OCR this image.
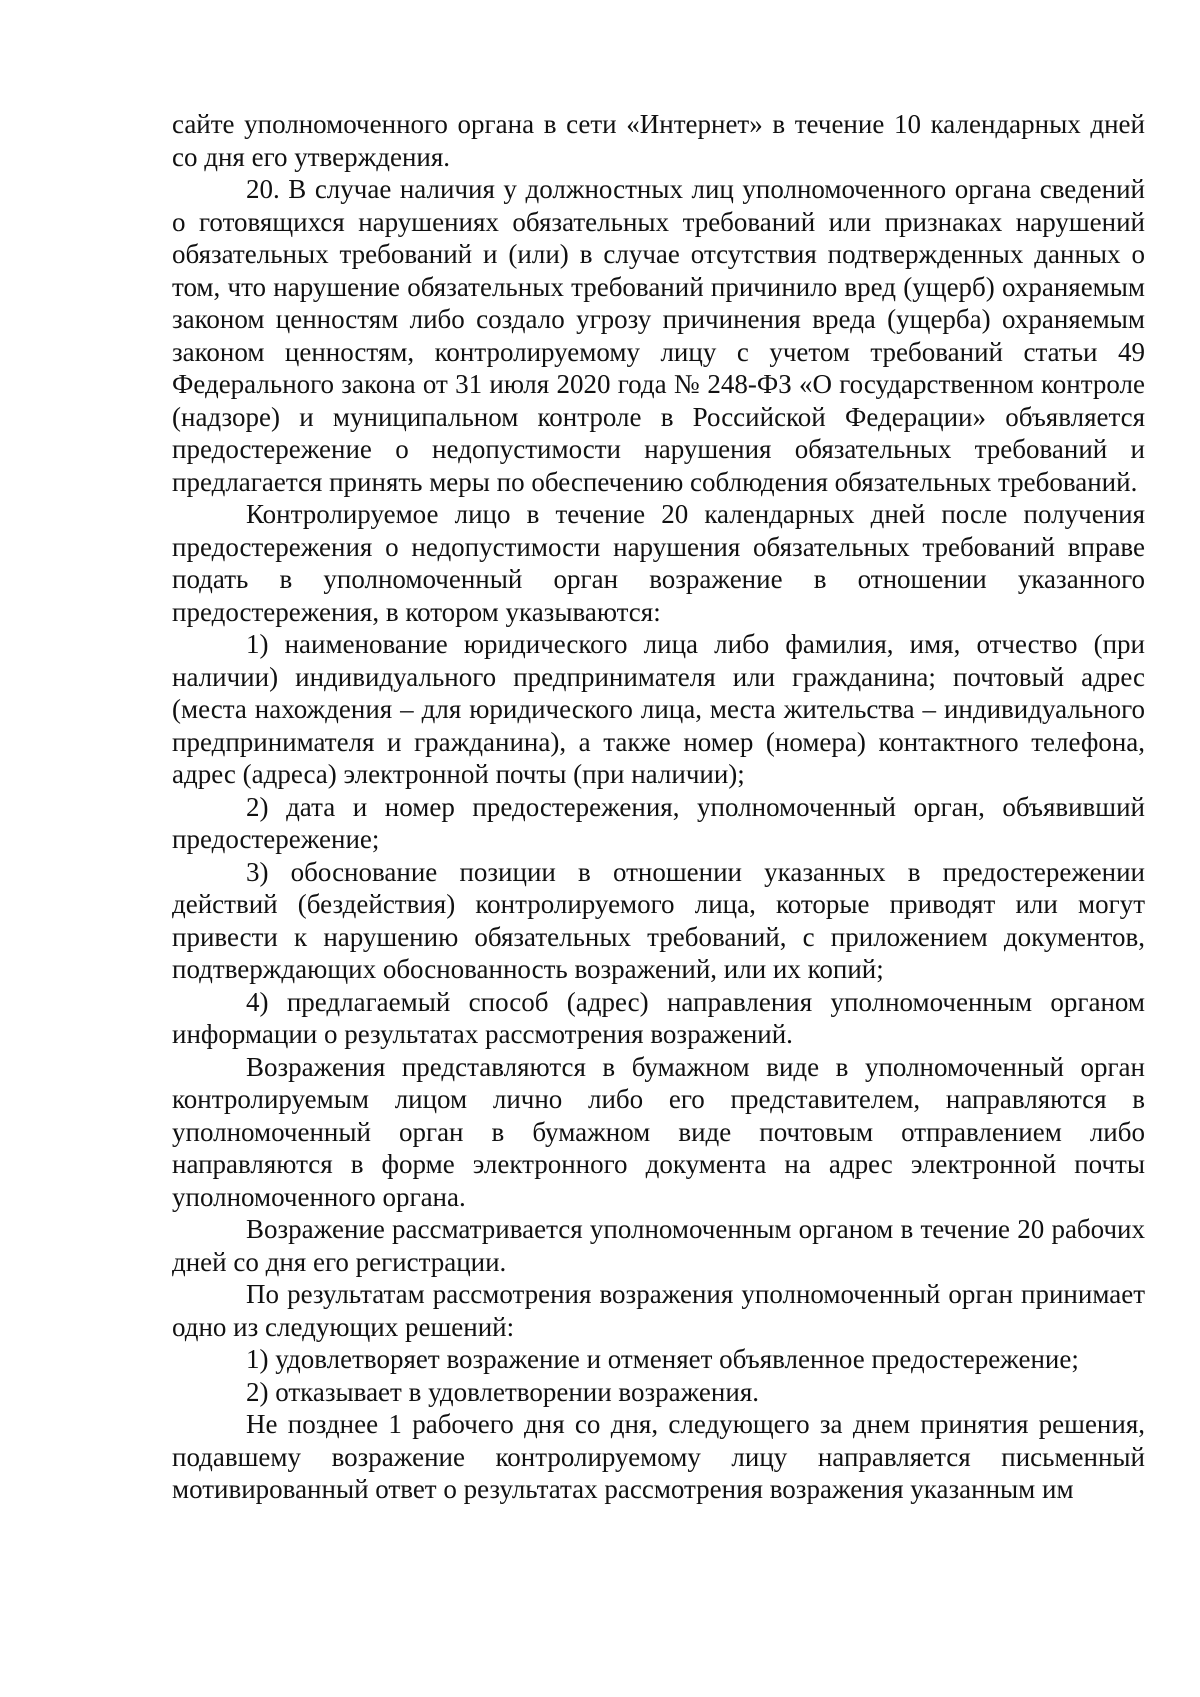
сайте уполномоченного органа в сети «Интернет» в течение 10 календарных дней со дня его утверждения.

20. В случае наличия у должностных лиц уполномоченного органа сведений о готовящихся нарушениях обязательных требований или признаках нарушений обязательных требований и (или) в случае отсутствия подтвержденных данных о том, что нарушение обязательных требований причинило вред (ущерб) охраняемым законом ценностям либо создало угрозу причинения вреда (ущерба) охраняемым законом ценностям, контролируемому лицу с учетом требований статьи 49 Федерального закона от 31 июля 2020 года № 248-ФЗ «О государственном контроле (надзоре) и муниципальном контроле в Российской Федерации» объявляется предостережение о недопустимости нарушения обязательных требований и предлагается принять меры по обеспечению соблюдения обязательных требований.

Контролируемое лицо в течение 20 календарных дней после получения предостережения о недопустимости нарушения обязательных требований вправе подать в уполномоченный орган возражение в отношении указанного предостережения, в котором указываются:

1) наименование юридического лица либо фамилия, имя, отчество (при наличии) индивидуального предпринимателя или гражданина; почтовый адрес (места нахождения – для юридического лица, места жительства – индивидуального предпринимателя и гражданина), а также номер (номера) контактного телефона, адрес (адреса) электронной почты (при наличии);

2) дата и номер предостережения, уполномоченный орган, объявивший предостережение;

3) обоснование позиции в отношении указанных в предостережении действий (бездействия) контролируемого лица, которые приводят или могут привести к нарушению обязательных требований, с приложением документов, подтверждающих обоснованность возражений, или их копий;

4) предлагаемый способ (адрес) направления уполномоченным органом информации о результатах рассмотрения возражений.

Возражения представляются в бумажном виде в уполномоченный орган контролируемым лицом лично либо его представителем, направляются в уполномоченный орган в бумажном виде почтовым отправлением либо направляются в форме электронного документа на адрес электронной почты уполномоченного органа.

Возражение рассматривается уполномоченным органом в течение 20 рабочих дней со дня его регистрации.

По результатам рассмотрения возражения уполномоченный орган принимает одно из следующих решений:

1) удовлетворяет возражение и отменяет объявленное предостережение;

2) отказывает в удовлетворении возражения.

Не позднее 1 рабочего дня со дня, следующего за днем принятия решения, подавшему возражение контролируемому лицу направляется письменный мотивированный ответ о результатах рассмотрения возражения указанным им
